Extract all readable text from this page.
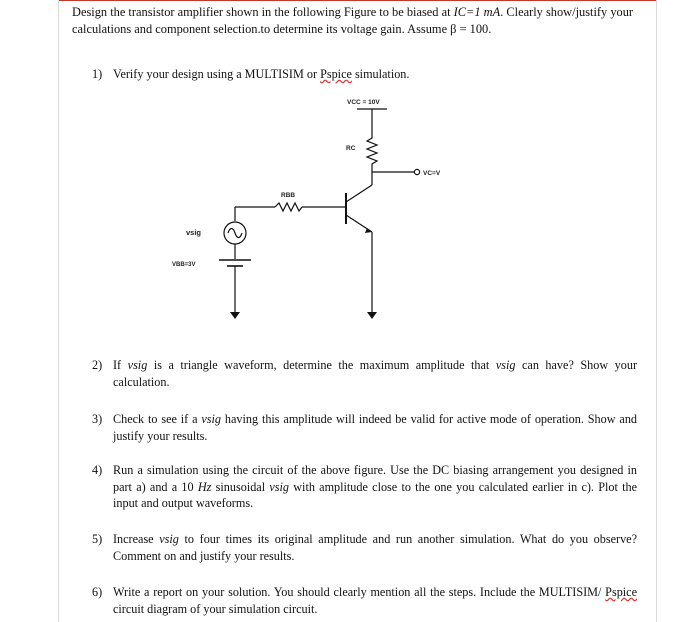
Design the transistor amplifier shown in the following Figure to be biased at IC=1 mA. Clearly show/justify your calculations and component selection.to determine its voltage gain. Assume β = 100.
1) Verify your design using a MULTISIM or Pspice simulation.
2) If vsig is a triangle waveform, determine the maximum amplitude that vsig can have? Show your calculation.
3) Check to see if a vsig having this amplitude will indeed be valid for active mode of operation. Show and justify your results.
4) Run a simulation using the circuit of the above figure. Use the DC biasing arrangement you designed in part a) and a 10 Hz sinusoidal vsig with amplitude close to the one you calculated earlier in c). Plot the input and output waveforms.
5) Increase vsig to four times its original amplitude and run another simulation. What do you observe? Comment on and justify your results.
6) Write a report on your solution. You should clearly mention all the steps. Include the MULTISIM/ Pspice circuit diagram of your simulation circuit.
VCC = 10V
RC
VC=V
RBB
vsig
VBB=3V
